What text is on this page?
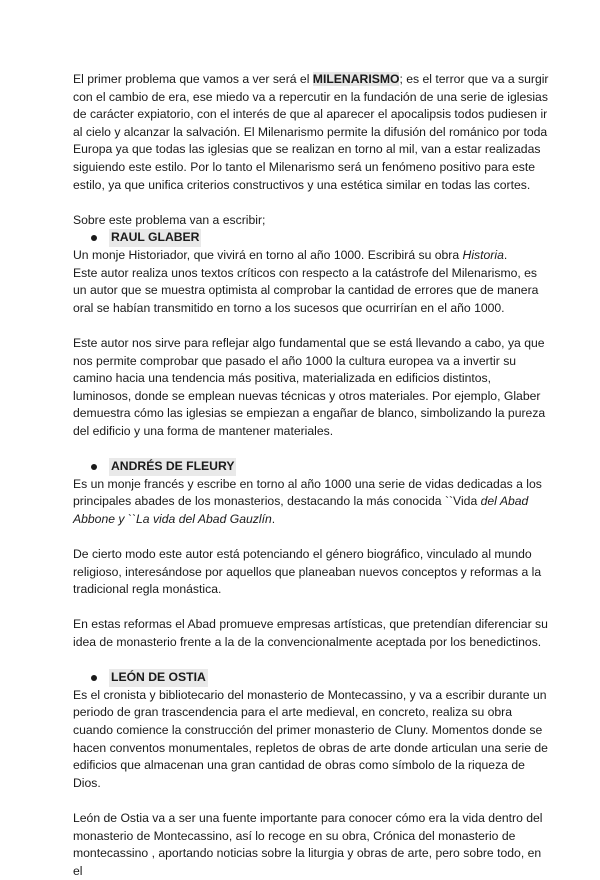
El primer problema que vamos a ver será el MILENARISMO; es el terror que va a surgir con el cambio de era, ese miedo va a repercutir en la fundación de una serie de iglesias de carácter expiatorio, con el interés de que al aparecer el apocalipsis todos pudiesen ir al cielo y alcanzar la salvación. El Milenarismo permite la difusión del románico por toda Europa ya que todas las iglesias que se realizan en torno al mil, van a estar realizadas siguiendo este estilo. Por lo tanto el Milenarismo será un fenómeno positivo para este estilo, ya que unifica criterios constructivos y una estética similar en todas las cortes.

Sobre este problema van a escribir;

RAUL GLABER

Un monje Historiador, que vivirá en torno al año 1000. Escribirá su obra Historia.

Este autor realiza unos textos críticos con respecto a la catástrofe del Milenarismo, es un autor que se muestra optimista al comprobar la cantidad de errores que de manera oral se habían transmitido en torno a los sucesos que ocurrirían en el año 1000.

Este autor nos sirve para reflejar algo fundamental que se está llevando a cabo, ya que nos permite comprobar que pasado el año 1000 la cultura europea va a invertir su camino hacia una tendencia más positiva, materializada en edificios distintos, luminosos, donde se emplean nuevas técnicas y otros materiales. Por ejemplo, Glaber demuestra cómo las iglesias se empiezan a engañar de blanco, simbolizando la pureza del edificio y una forma de mantener materiales.

ANDRÉS DE FLEURY

Es un monje francés y escribe en torno al año 1000 una serie de vidas dedicadas a los principales abades de los monasterios, destacando la más conocida ``Vida del Abad Abbone y ``La vida del Abad Gauzlín.

De cierto modo este autor está potenciando el género biográfico, vinculado al mundo religioso, interesándose por aquellos que planeaban nuevos conceptos y reformas a la tradicional regla monástica.

En estas reformas el Abad promueve empresas artísticas, que pretendían diferenciar su idea de monasterio frente a la de la convencionalmente aceptada por los benedictinos.

LEÓN DE OSTIA

Es el cronista y bibliotecario del monasterio de Montecassino, y va a escribir durante un periodo de gran trascendencia para el arte medieval, en concreto, realiza su obra cuando comience la construcción del primer monasterio de Cluny. Momentos donde se hacen conventos monumentales, repletos de obras de arte donde articulan una serie de edificios que almacenan una gran cantidad de obras como símbolo de la riqueza de Dios.

León de Ostia va a ser una fuente importante para conocer cómo era la vida dentro del monasterio de Montecassino, así lo recoge en su obra, Crónica del monasterio de montecassino , aportando noticias sobre la liturgia y obras de arte, pero sobre todo, en el
